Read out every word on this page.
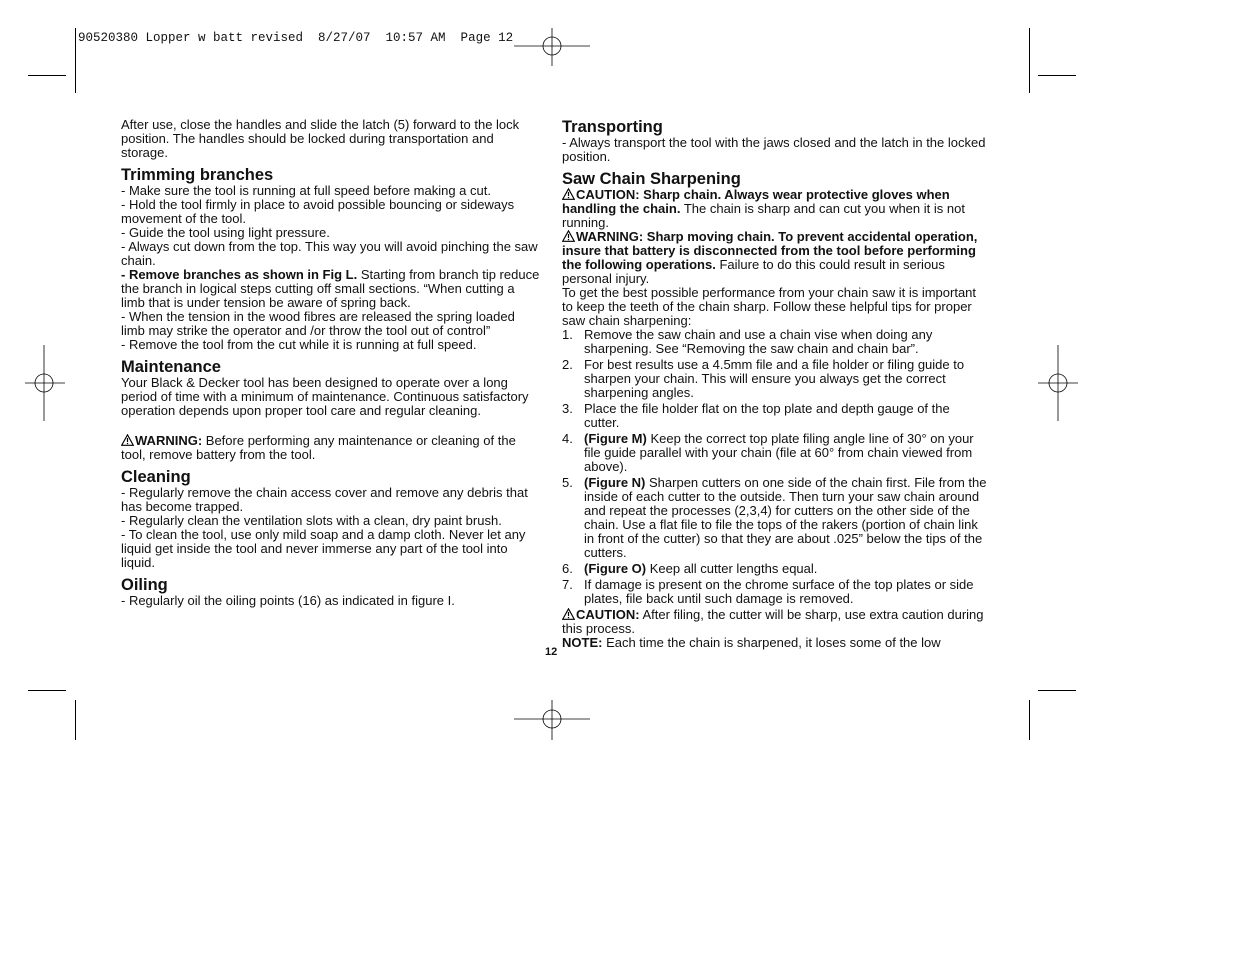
90520380 Lopper w batt revised  8/27/07  10:57 AM  Page 12

After use, close the handles and slide the latch (5) forward to the lock position. The handles should be locked during transportation and storage.

Trimming branches

- Make sure the tool is running at full speed before making a cut.

- Hold the tool firmly in place to avoid possible bouncing or sideways movement of the tool.

- Guide the tool using light pressure.

- Always cut down from the top. This way you will avoid pinching the saw chain.

- Remove branches as shown in Fig L. Starting from branch tip reduce the branch in logical steps cutting off small sections. “When cutting a limb that is under tension be aware of spring back.

- When the tension in the wood fibres are released the spring loaded limb may strike the operator and /or throw the tool out of control”

- Remove the tool from the cut while it is running at full speed.

Maintenance

Your Black & Decker tool has been designed to operate over a long period of time with a minimum of maintenance. Continuous satisfactory operation depends upon proper tool care and regular cleaning.

WARNING: Before performing any maintenance or cleaning of the tool, remove battery from the tool.

Cleaning

- Regularly remove the chain access cover and remove any debris that has become trapped.

- Regularly clean the ventilation slots with a clean, dry paint brush.

- To clean the tool, use only mild soap and a damp cloth. Never let any liquid get inside the tool and never immerse any part of the tool into liquid.

Oiling

- Regularly oil the oiling points (16) as indicated in figure I.

Transporting

- Always transport the tool with the jaws closed and the latch in the locked position.

Saw Chain Sharpening

CAUTION: Sharp chain. Always wear protective gloves when handling the chain. The chain is sharp and can cut you when it is not running.

WARNING: Sharp moving chain. To prevent accidental operation, insure that battery is disconnected from the tool before performing the following operations. Failure to do this could result in serious personal injury.

To get the best possible performance from your chain saw it is important to keep the teeth of the chain sharp. Follow these helpful tips for proper saw chain sharpening:

1. Remove the saw chain and use a chain vise when doing any sharpening. See “Removing the saw chain and chain bar”.
2. For best results use a 4.5mm file and a file holder or filing guide to sharpen your chain. This will ensure you always get the correct sharpening angles.
3. Place the file holder flat on the top plate and depth gauge of the cutter.
4. (Figure M) Keep the correct top plate filing angle line of 30° on your file guide parallel with your chain (file at 60° from chain viewed from above).
5. (Figure N) Sharpen cutters on one side of the chain first. File from the inside of each cutter to the outside. Then turn your saw chain around and repeat the processes (2,3,4) for cutters on the other side of the chain. Use a flat file to file the tops of the rakers (portion of chain link in front of the cutter) so that they are about .025” below the tips of the cutters.
6. (Figure O) Keep all cutter lengths equal.
7. If damage is present on the chrome surface of the top plates or side plates, file back until such damage is removed.

CAUTION: After filing, the cutter will be sharp, use extra caution during this process.

NOTE: Each time the chain is sharpened, it loses some of the low

12
